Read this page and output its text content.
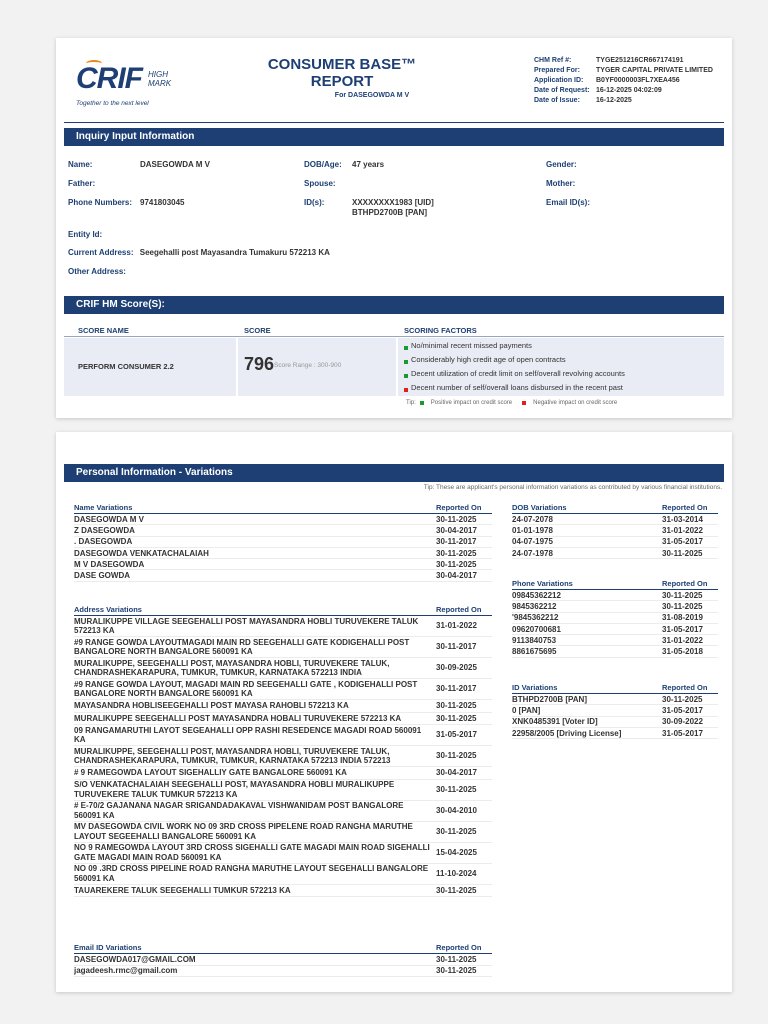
CRIF HIGH
MARK
Together to the next level
CONSUMER BASE™ REPORT
For DASEGOWDA M V
CHM Ref #:	TYGE251216CR667174191
Prepared For:	TYGER CAPITAL PRIVATE LIMITED
Application ID:	B0YF0000003FL7XEA456
Date of Request: 16-12-2025 04:02:09
Date of Issue:	16-12-2025
Inquiry Input Information
Name:	DASEGOWDA M V	DOB/Age: 47 years	Gender:
Father:	Spouse:	Mother:
Phone Numbers: 9741803045	ID(s):	XXXXXXXX1983 [UID]
BTHPD2700B [PAN]
Email ID(s):
Entity Id:
Current Address: Seegehalli post Mayasandra Tumakuru 572213 KA
Other Address:
CRIF HM Score(S):
SCORE NAME	SCORE	SCORING FACTORS
PERFORM CONSUMER 2.2	796 Score Range : 300-900
No/minimal recent missed payments
Considerably high credit age of open contracts
Decent utilization of credit limit on self/overall revolving accounts
Decent number of self/overall loans disbursed in the recent past
Tip:	Positive impact on credit score	Negative impact on credit score
Personal Information - Variations
Tip: These are applicant's personal information variations as contributed by various financial institutions.
Name Variations	Reported On
DASEGOWDA M V	30-11-2025
Z DASEGOWDA	30-04-2017
. DASEGOWDA	30-11-2017
DASEGOWDA VENKATACHALAIAH	30-11-2025
M V DASEGOWDA	30-11-2025
DASE GOWDA	30-04-2017
Address Variations	Reported On
MURALIKUPPE VILLAGE SEEGEHALLI POST MAYASANDRA HOBLI TURUVEKERE TALUK 572213 KA
31-01-2022
#9 RANGE GOWDA LAYOUTMAGADI MAIN RD SEEGEHALLI GATE KODIGEHALLI POST BANGALORE NORTH BANGALORE 560091 KA
30-11-2017
MURALIKUPPE, SEEGEHALLI POST, MAYASANDRA HOBLI, TURUVEKERE TALUK, CHANDRASHEKARAPURA, TUMKUR, TUMKUR, KARNATAKA 572213 INDIA
30-09-2025
#9 RANGE GOWDA LAYOUT, MAGADI MAIN RD SEEGEHALLI GATE , KODIGEHALLI POST BANGALORE NORTH BANGALORE 560091 KA
30-11-2017
MAYASANDRA HOBLISEEGEHALLI POST MAYASA RAHOBLI 572213 KA	30-11-2025
MURALIKUPPE SEEGEHALLI POST MAYASANDRA HOBALI TURUVEKERE 572213 KA	30-11-2025
09 RANGAMARUTHI LAYOT SEGEAHALLI OPP RASHI RESEDENCE MAGADI ROAD 560091 KA
31-05-2017
MURALIKUPPE, SEEGEHALLI POST, MAYASANDRA HOBLI, TURUVEKERE TALUK, CHANDRASHEKARAPURA, TUMKUR, TUMKUR, KARNATAKA 572213 INDIA 572213
30-11-2025
# 9 RAMEGOWDA LAYOUT SIGEHALLIY GATE BANGALORE 560091 KA	30-04-2017
S/O VENKATACHALAIAH SEEGEHALLI POST, MAYASANDRA HOBLI MURALIKUPPE TURUVEKERE TALUK TUMKUR 572213 KA
30-11-2025
# E-70/2 GAJANANA NAGAR SRIGANDADAKAVAL VISHWANIDAM POST BANGALORE 560091 KA
30-04-2010
MV DASEGOWDA CIVIL WORK NO 09 3RD CROSS PIPELENE ROAD RANGHA MARUTHE LAYOUT SEGEEHALLI BANGALORE 560091 KA
30-11-2025
NO 9 RAMEGOWDA LAYOUT 3RD CROSS SIGEHALLI GATE MAGADI MAIN ROAD SIGEHALLI GATE MAGADI MAIN ROAD 560091 KA
15-04-2025
NO 09 .3RD CROSS PIPELINE ROAD RANGHA MARUTHE LAYOUT SEGEHALLI BANGALORE 560091 KA
11-10-2024
TAUAREKERE TALUK SEEGEHALLI TUMKUR 572213 KA	30-11-2025
Email ID Variations	Reported On
DASEGOWDA017@GMAIL.COM	30-11-2025
jagadeesh.rmc@gmail.com	30-11-2025
DOB Variations	Reported On
24-07-2078	31-03-2014
01-01-1978	31-01-2022
04-07-1975	31-05-2017
24-07-1978	30-11-2025
Phone Variations	Reported On
09845362212	30-11-2025
9845362212	30-11-2025
'9845362212	31-08-2019
09620700681	31-05-2017
9113840753	31-01-2022
8861675695	31-05-2018
ID Variations	Reported On
BTHPD2700B [PAN]	30-11-2025
0 [PAN]	31-05-2017
XNK0485391 [Voter ID]	30-09-2022
22958/2005 [Driving License]	31-05-2017
